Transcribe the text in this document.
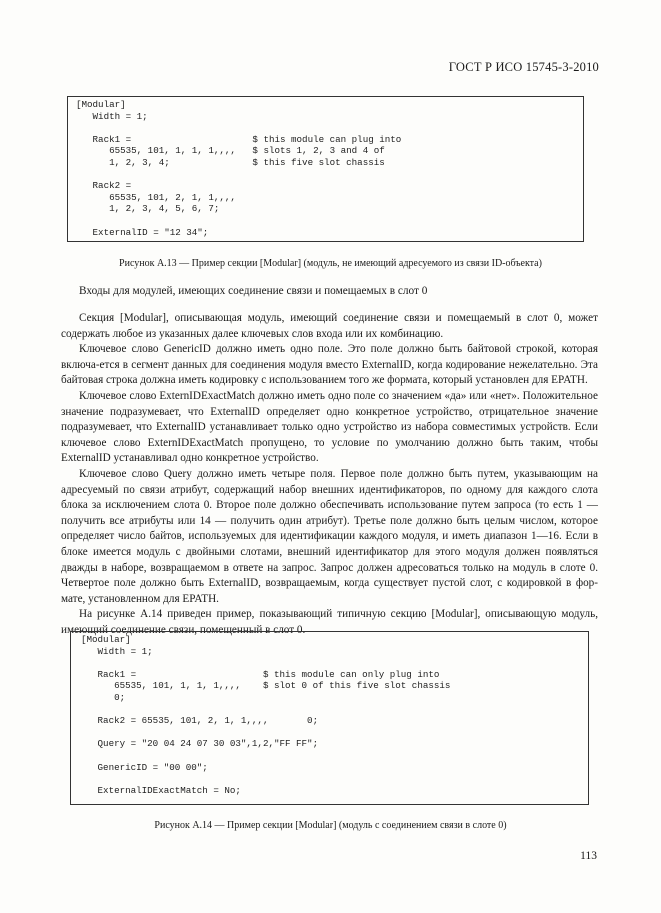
ГОСТ Р ИСО 15745-3-2010
[Modular]
Width = 1;
Rack1 =                      $ this module can plug into
65535, 101, 1, 1, 1,,,,   $ slots 1, 2, 3 and 4 of
1, 2, 3, 4;               $ this five slot chassis
Rack2 =
65535, 101, 2, 1, 1,,,,
1, 2, 3, 4, 5, 6, 7;
ExternalID = "12 34";
Рисунок А.13 — Пример секции [Modular] (модуль, не имеющий адресуемого из связи ID-объекта)
Входы для модулей, имеющих соединение связи и помещаемых в слот 0

Секция [Modular], описывающая модуль, имеющий соединение связи и помещаемый в слот 0, может содержать любое из указанных далее ключевых слов входа или их комбинацию.

Ключевое слово GenericID должно иметь одно поле. Это поле должно быть байтовой строкой, которая включа-ется в сегмент данных для соединения модуля вместо ExternalID, когда кодирование нежелательно. Эта байтовая строка должна иметь кодировку с использованием того же формата, который установлен для EPATH.

Ключевое слово ExternIDExactMatch должно иметь одно поле со значением «да» или «нет». Положительное значение подразумевает, что ExternalID определяет одно конкретное устройство, отрицательное значение подразумевает, что ExternalID устанавливает только одно устройство из набора совместимых устройств. Если ключевое слово ExternIDExactMatch пропущено, то условие по умолчанию должно быть таким, чтобы ExternalID устанавливал одно конкретное устройство.

Ключевое слово Query должно иметь четыре поля. Первое поле должно быть путем, указывающим на адресуемый по связи атрибут, содержащий набор внешних идентификаторов, по одному для каждого слота блока за исключением слота 0. Второе поле должно обеспечивать использование путем запроса (то есть 1 — получить все атрибуты или 14 — получить один атрибут). Третье поле должно быть целым числом, которое определяет число байтов, используемых для идентификации каждого модуля, и иметь диапазон 1—16. Если в блоке имеется модуль с двойными слотами, внешний идентификатор для этого модуля должен появляться дважды в наборе, возвращаемом в ответе на запрос. Запрос должен адресоваться только на модуль в слоте 0. Четвертое поле должно быть ExternalID, возвращаемым, когда существует пустой слот, с кодировкой в фор-мате, установленном для EPATH.

На рисунке А.14 приведен пример, показывающий типичную секцию [Modular], описывающую модуль, имеющий соединение связи, помещенный в слот 0.

[Modular]
Width = 1;
Rack1 =                       $ this module can only plug into
65535, 101, 1, 1, 1,,,,    $ slot 0 of this five slot chassis
0;
Rack2 = 65535, 101, 2, 1, 1,,,,       0;
Query = "20 04 24 07 30 03",1,2,"FF FF";
GenericID = "00 00";
ExternalIDExactMatch = No;
Рисунок А.14 — Пример секции [Modular] (модуль с соединением связи в слоте 0)
113
